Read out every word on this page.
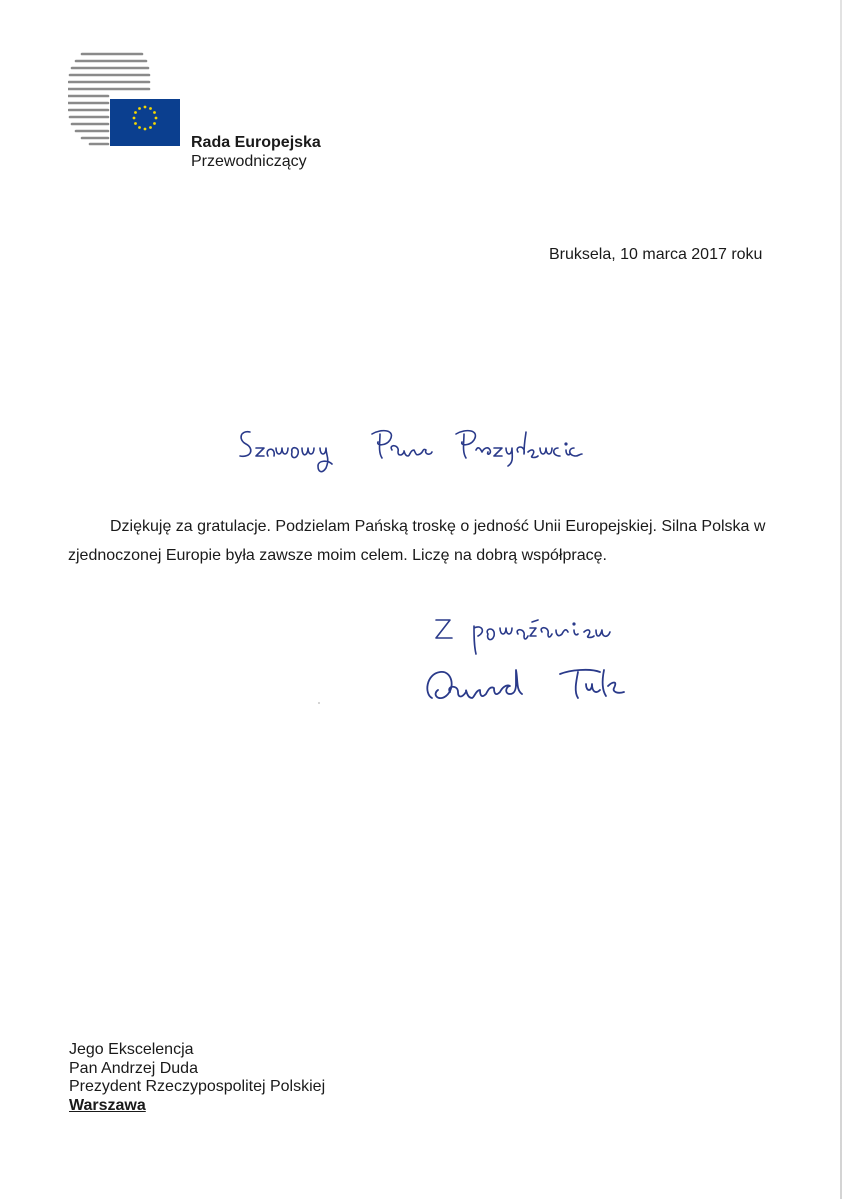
Rada Europejska
Przewodniczący
Bruksela, 10 marca 2017 roku
Dziękuję za gratulacje. Podzielam Pańską troskę o jedność Unii Europejskiej. Silna Polska w
zjednoczonej Europie była zawsze moim celem. Liczę na dobrą współpracę.
Jego Ekscelencja
Pan Andrzej Duda
Prezydent Rzeczypospolitej Polskiej
Warszawa
